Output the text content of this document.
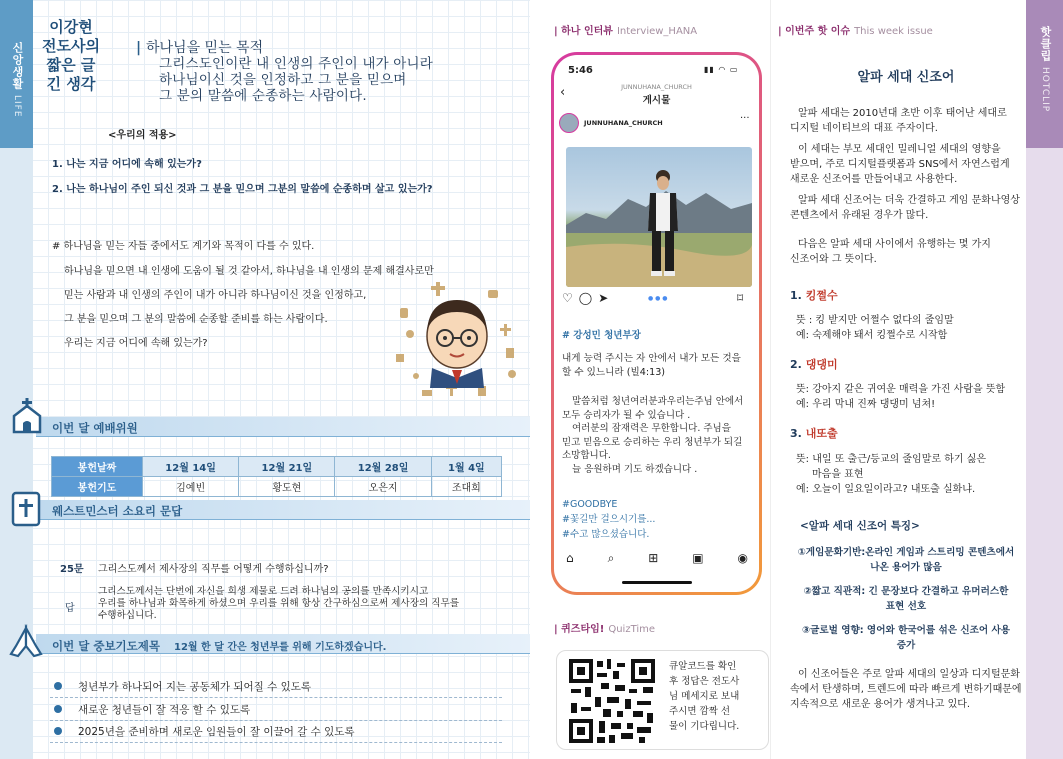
신앙생활 LIFE
이강현
전도사의
짧은 글
긴 생각
| 하나님을 믿는 목적
그리스도인이란 내 인생의 주인이 내가 아니라
하나님이신 것을 인정하고 그 분을 믿으며
그 분의 말씀에 순종하는 사람이다.
<우리의 적용>
1. 나는 지금 어디에 속해 있는가?
2. 나는 하나님이 주인 되신 것과 그 분을 믿으며 그분의 말씀에 순종하며 살고 있는가?
# 하나님을 믿는 자들 중에서도 계기와 목적이 다를 수 있다.
하나님을 믿으면 내 인생에 도움이 될 것 같아서, 하나님을 내 인생의 문제 해결사로만
믿는 사람과 내 인생의 주인이 내가 아니라 하나님이신 것을 인정하고,
그 분을 믿으며 그 분의 말씀에 순종할 준비를 하는 사람이다.
우리는 지금 어디에 속해 있는가?
이번 달 예배위원
봉헌날짜	12월 14일	12월 21일	12월 28일	1월 4일
봉헌기도	김예빈	황도현	오은지	조대희
웨스트민스터 소요리 문답
25문 그리스도께서 제사장의 직무를 어떻게 수행하십니까?
답
그리스도께서는 단번에 자신을 희생 제물로 드려 하나님의 공의를 만족시키시고
우리를 하나님과 화목하게 하셨으며 우리를 위해 항상 간구하심으로써 제사장의 직무를
수행하십니다.
이번 달 중보기도제목 12월 한 달 간은 청년부를 위해 기도하겠습니다.
청년부가 하나되어 지는 공동체가 되어질 수 있도록
새로운 청년들이 잘 적응 할 수 있도록
2025년을 준비하며 새로운 임원들이 잘 이끌어 갈 수 있도록
| 하나 인터뷰 Interview_HANA
5:46	▮▮ ◠ ▭
‹	JUNNUHANA_CHURCH
게시물
JUNNUHANA_CHURCH	···
♡◯➤	● ● ●	⌑
# 강성민 청년부장
내게 능력 주시는 자 안에서 내가 모든 것을
할 수 있느니라 (빌4:13)
말씀처럼 청년여러분과우리는주님 안에서
모두 승리자가 될 수 있습니다 .
여러분의 잠재력은 무한합니다. 주님을
믿고 믿음으로 승리하는 우리 청년부가 되길
소망합니다.
늘 응원하며 기도 하겠습니다 .
#GOODBYE
#꽃길만 걸으시기를...
#수고 많으셨습니다.
⌂	⌕	⊞	▣	◉
| 퀴즈타임! QuizTime
큐알코드를 확인
후 정답은 전도사
님 메세지로 보내
주시면 깜짝 선
물이 기다립니다.
| 이번주 핫 이슈 This week issue	핫클립 HOTCLIP
알파 세대 신조어
알파 세대는 2010년대 초반 이후 태어난 세대로
디지털 네이티브의 대표 주자이다.
이 세대는 부모 세대인 밀레니얼 세대의 영향을
받으며, 주로 디지털플랫폼과 SNS에서 자연스럽게
새로운 신조어를 만들어내고 사용한다.
알파 세대 신조어는 더욱 간결하고 게임 문화나영상
콘텐츠에서 유래된 경우가 많다.
다음은 알파 세대 사이에서 유행하는 몇 가지
신조어와 그 뜻이다.
1. 킹쩔수
뜻 : 킹 받지만 어쩔수 없다의 줄임말
예: 숙제해야 돼서 킹쩔수로 시작함
2. 댕댕미
뜻: 강아지 같은 귀여운 매력을 가진 사람을 뜻함
예: 우리 막내 진짜 댕댕미 넘쳐!
3. 내또출
뜻: 내일 또 출근/등교의 줄임말로 하기 싫은
마음을 표현
예: 오늘이 일요일이라고? 내또출 실화냐.
<알파 세대 신조어 특징>
①게임문화기반:온라인 게임과 스트리밍 콘텐츠에서
나온 용어가 많음
②짧고 직관적: 긴 문장보다 간결하고 유머러스한
표현 선호
③글로벌 영향: 영어와 한국어를 섞은 신조어 사용
증가
이 신조어들은 주로 알파 세대의 일상과 디지털문화
속에서 탄생하며, 트렌드에 따라 빠르게 변하기때문에
지속적으로 새로운 용어가 생겨나고 있다.
